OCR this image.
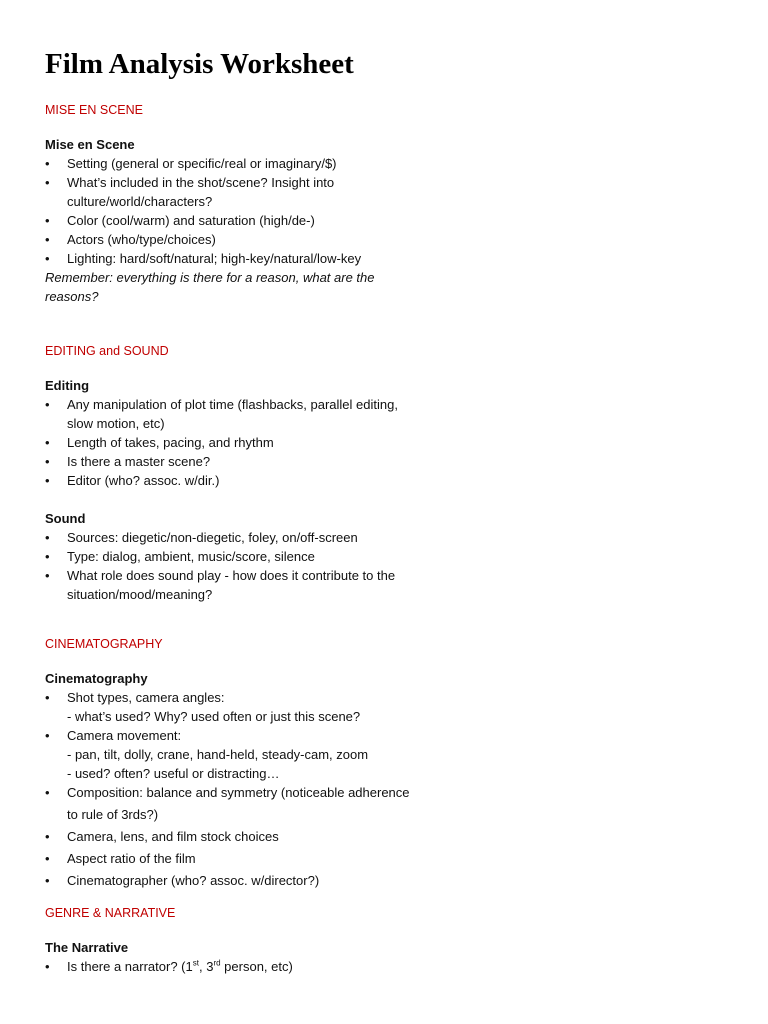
Film Analysis Worksheet
MISE EN SCENE
Mise en Scene
• Setting (general or specific/real or imaginary/$)
• What’s included in the shot/scene? Insight into culture/world/characters?
• Color (cool/warm) and saturation (high/de-)
• Actors (who/type/choices)
• Lighting: hard/soft/natural; high-key/natural/low-key
Remember: everything is there for a reason, what are the reasons?
EDITING and SOUND
Editing
• Any manipulation of plot time (flashbacks, parallel editing, slow motion, etc)
• Length of takes, pacing, and rhythm
• Is there a master scene?
• Editor (who? assoc. w/dir.)
Sound
• Sources: diegetic/non-diegetic, foley, on/off-screen
• Type: dialog, ambient, music/score, silence
• What role does sound play - how does it contribute to the situation/mood/meaning?
CINEMATOGRAPHY
Cinematography
• Shot types, camera angles:
- what’s used? Why? used often or just this scene?
• Camera movement:
- pan, tilt, dolly, crane, hand-held, steady-cam, zoom
- used? often? useful or distracting…
• Composition: balance and symmetry (noticeable adherence to rule of 3rds?)
• Camera, lens, and film stock choices
• Aspect ratio of the film
• Cinematographer (who? assoc. w/director?)
GENRE & NARRATIVE
The Narrative
• Is there a narrator? (1st, 3rd person, etc)
